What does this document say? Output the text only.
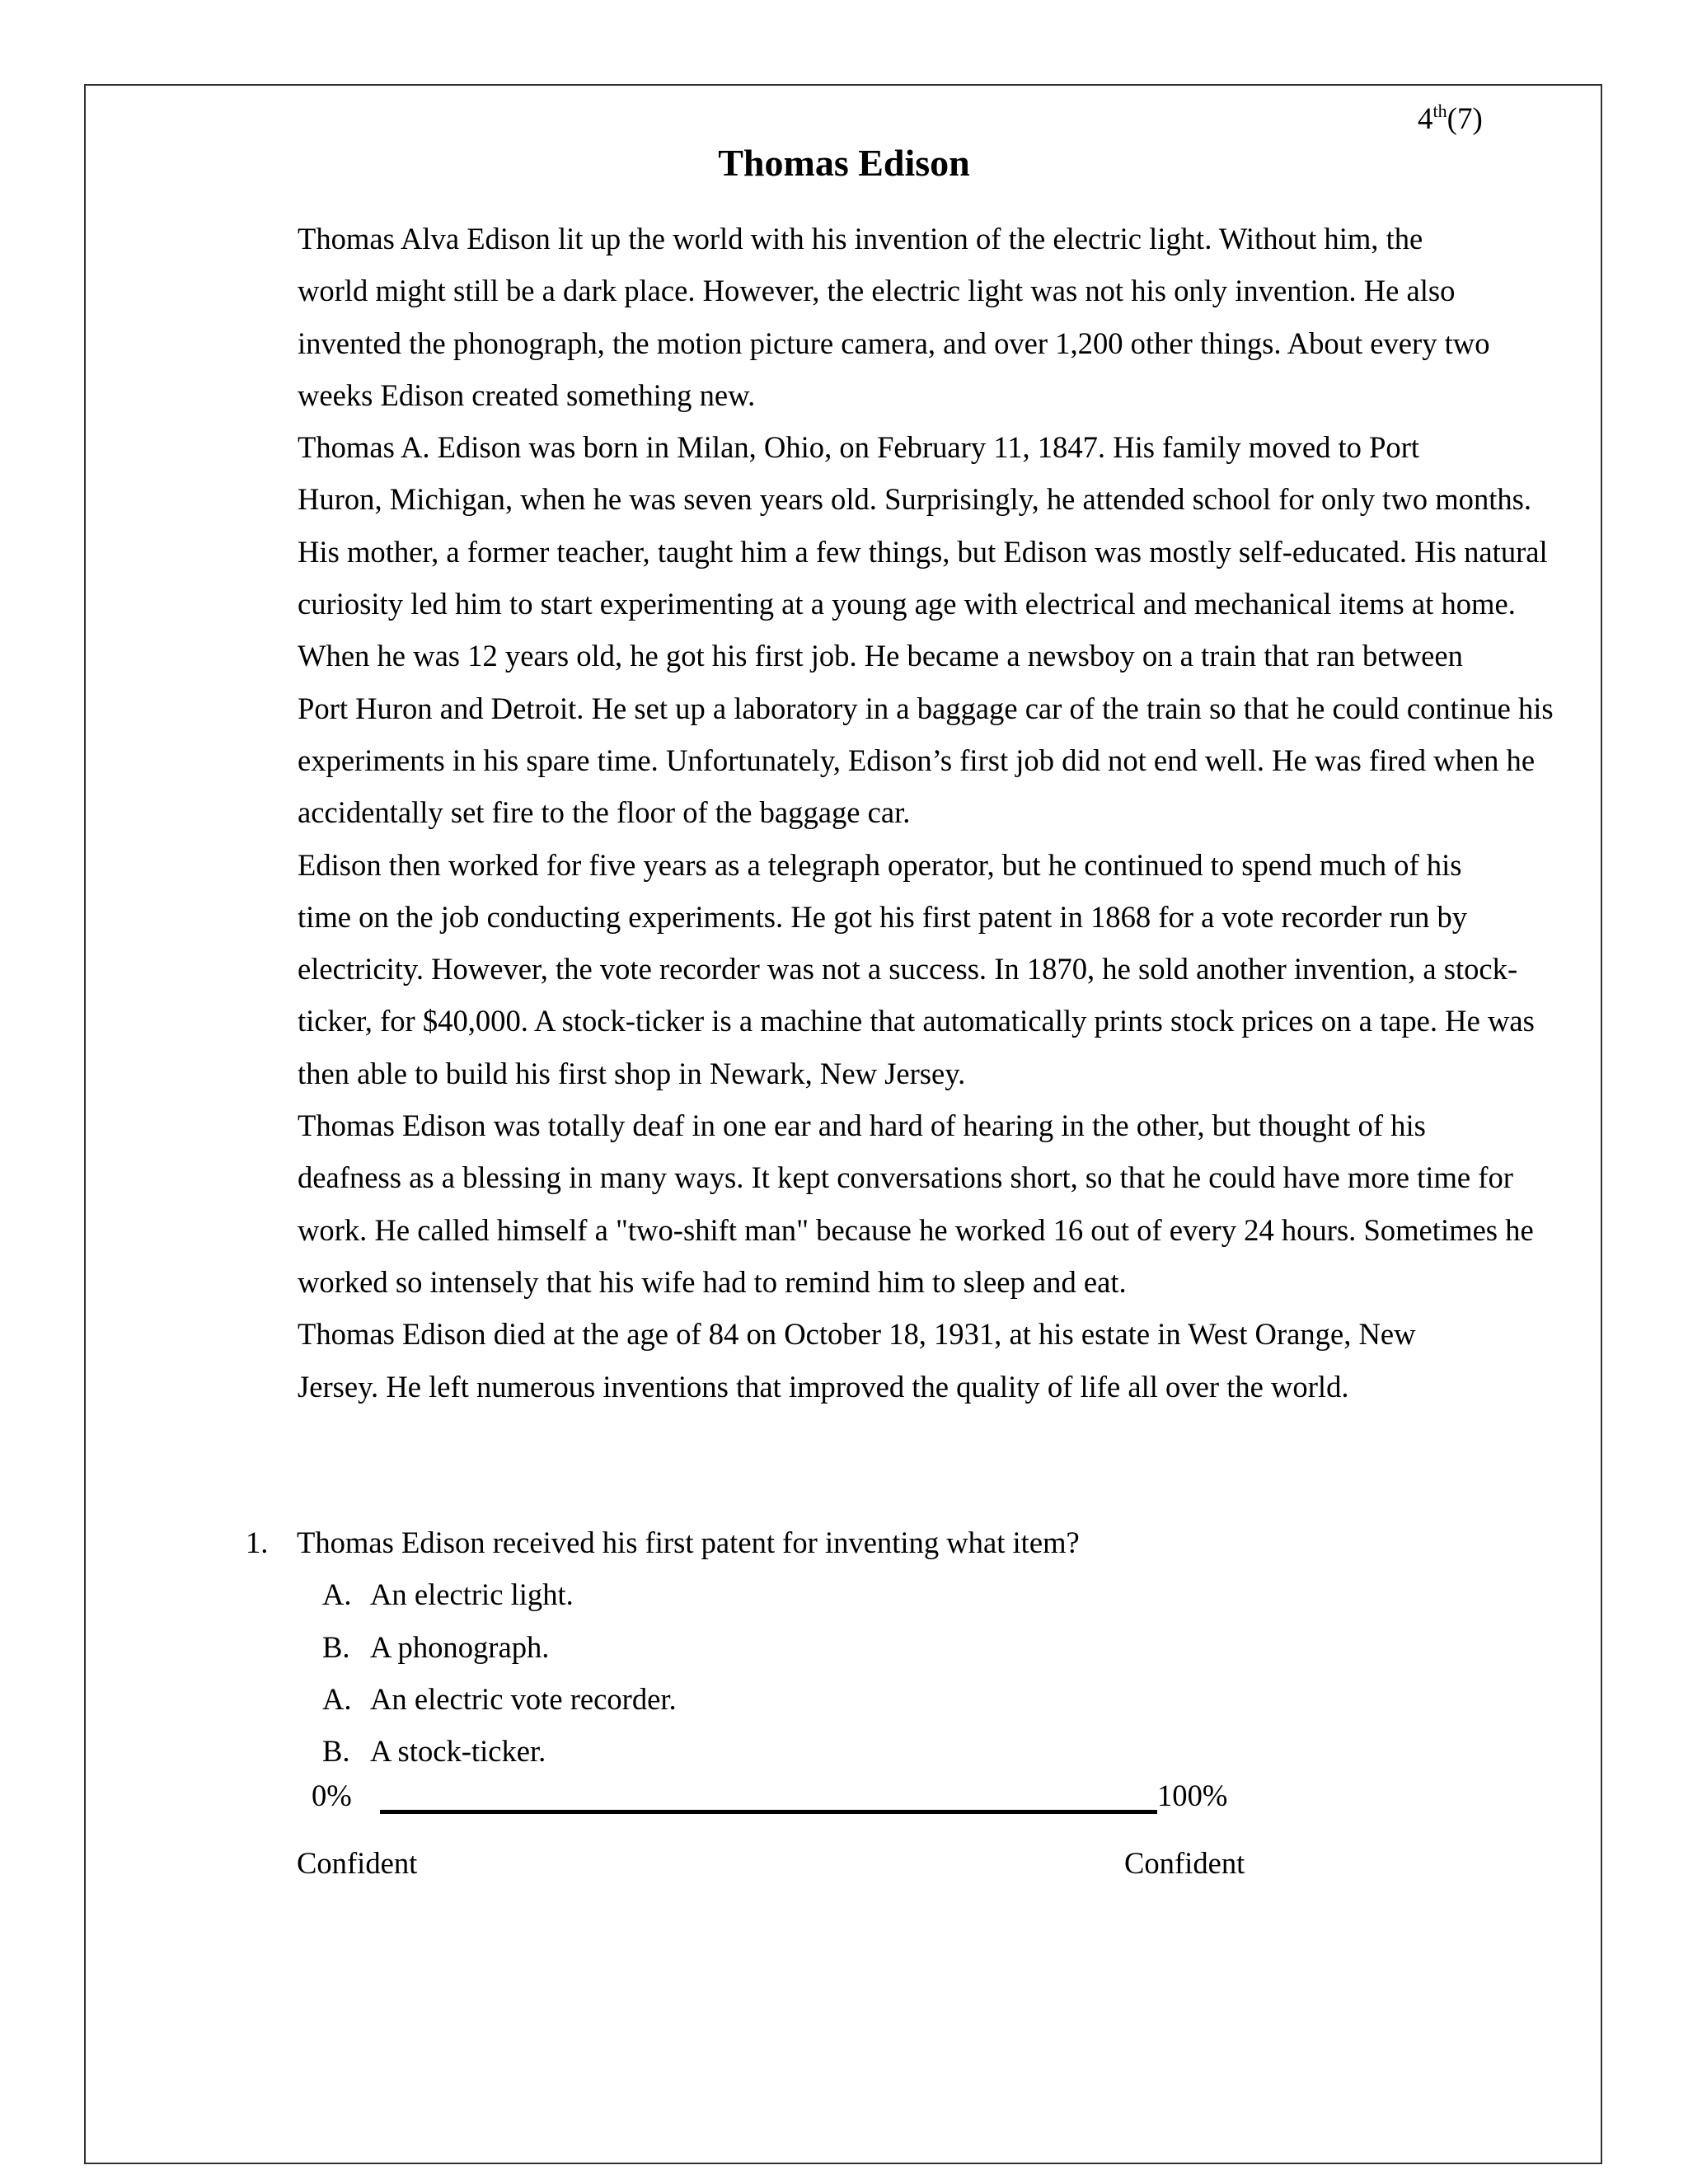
4th(7)
Thomas Edison

Thomas Alva Edison lit up the world with his invention of the electric light. Without him, the
world might still be a dark place. However, the electric light was not his only invention. He also
invented the phonograph, the motion picture camera, and over 1,200 other things. About every two
weeks Edison created something new.

Thomas A. Edison was born in Milan, Ohio, on February 11, 1847. His family moved to Port
Huron, Michigan, when he was seven years old. Surprisingly, he attended school for only two months.
His mother, a former teacher, taught him a few things, but Edison was mostly self-educated. His natural
curiosity led him to start experimenting at a young age with electrical and mechanical items at home.

When he was 12 years old, he got his first job. He became a newsboy on a train that ran between
Port Huron and Detroit. He set up a laboratory in a baggage car of the train so that he could continue his
experiments in his spare time. Unfortunately, Edison’s first job did not end well. He was fired when he
accidentally set fire to the floor of the baggage car.

Edison then worked for five years as a telegraph operator, but he continued to spend much of his
time on the job conducting experiments. He got his first patent in 1868 for a vote recorder run by
electricity. However, the vote recorder was not a success. In 1870, he sold another invention, a stock-
ticker, for $40,000. A stock-ticker is a machine that automatically prints stock prices on a tape. He was
then able to build his first shop in Newark, New Jersey.

Thomas Edison was totally deaf in one ear and hard of hearing in the other, but thought of his
deafness as a blessing in many ways. It kept conversations short, so that he could have more time for
work. He called himself a "two-shift man" because he worked 16 out of every 24 hours. Sometimes he
worked so intensely that his wife had to remind him to sleep and eat.

Thomas Edison died at the age of 84 on October 18, 1931, at his estate in West Orange, New
Jersey. He left numerous inventions that improved the quality of life all over the world.

1. Thomas Edison received his first patent for inventing what item?
A. An electric light.
B. A phonograph.
A. An electric vote recorder.
B. A stock-ticker.
0%	100%
Confident	Confident
